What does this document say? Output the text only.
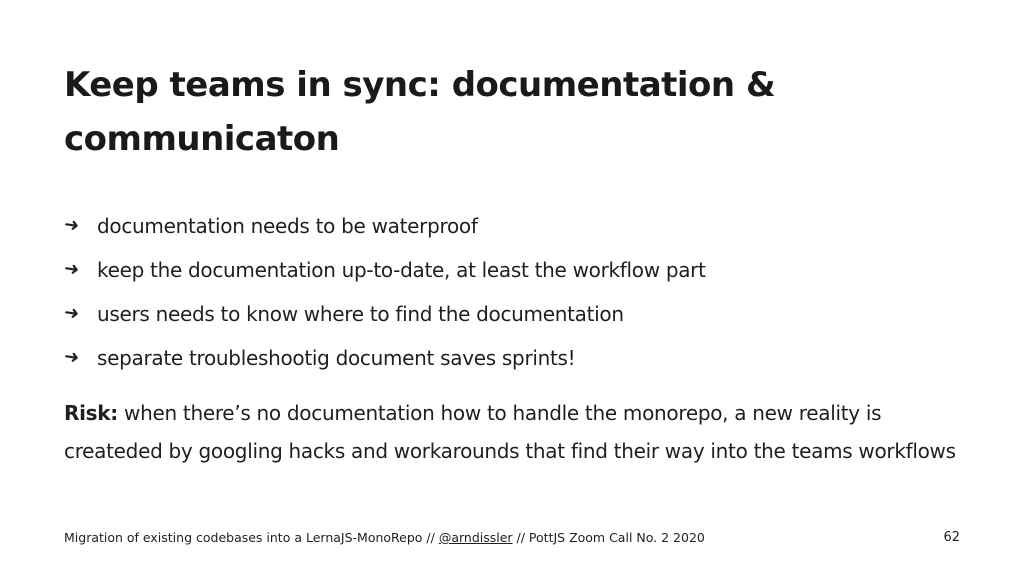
Keep teams in sync: documentation & communicaton
➜ documentation needs to be waterproof
➜ keep the documentation up-to-date, at least the workflow part
➜ users needs to know where to find the documentation
➜ separate troubleshootig document saves sprints!

Risk: when there’s no documentation how to handle the monorepo, a new reality is createded by googling hacks and workarounds that find their way into the teams workflows

Migration of existing codebases into a LernaJS-MonoRepo // @arndissler // PottJS Zoom Call No. 2 2020	62
